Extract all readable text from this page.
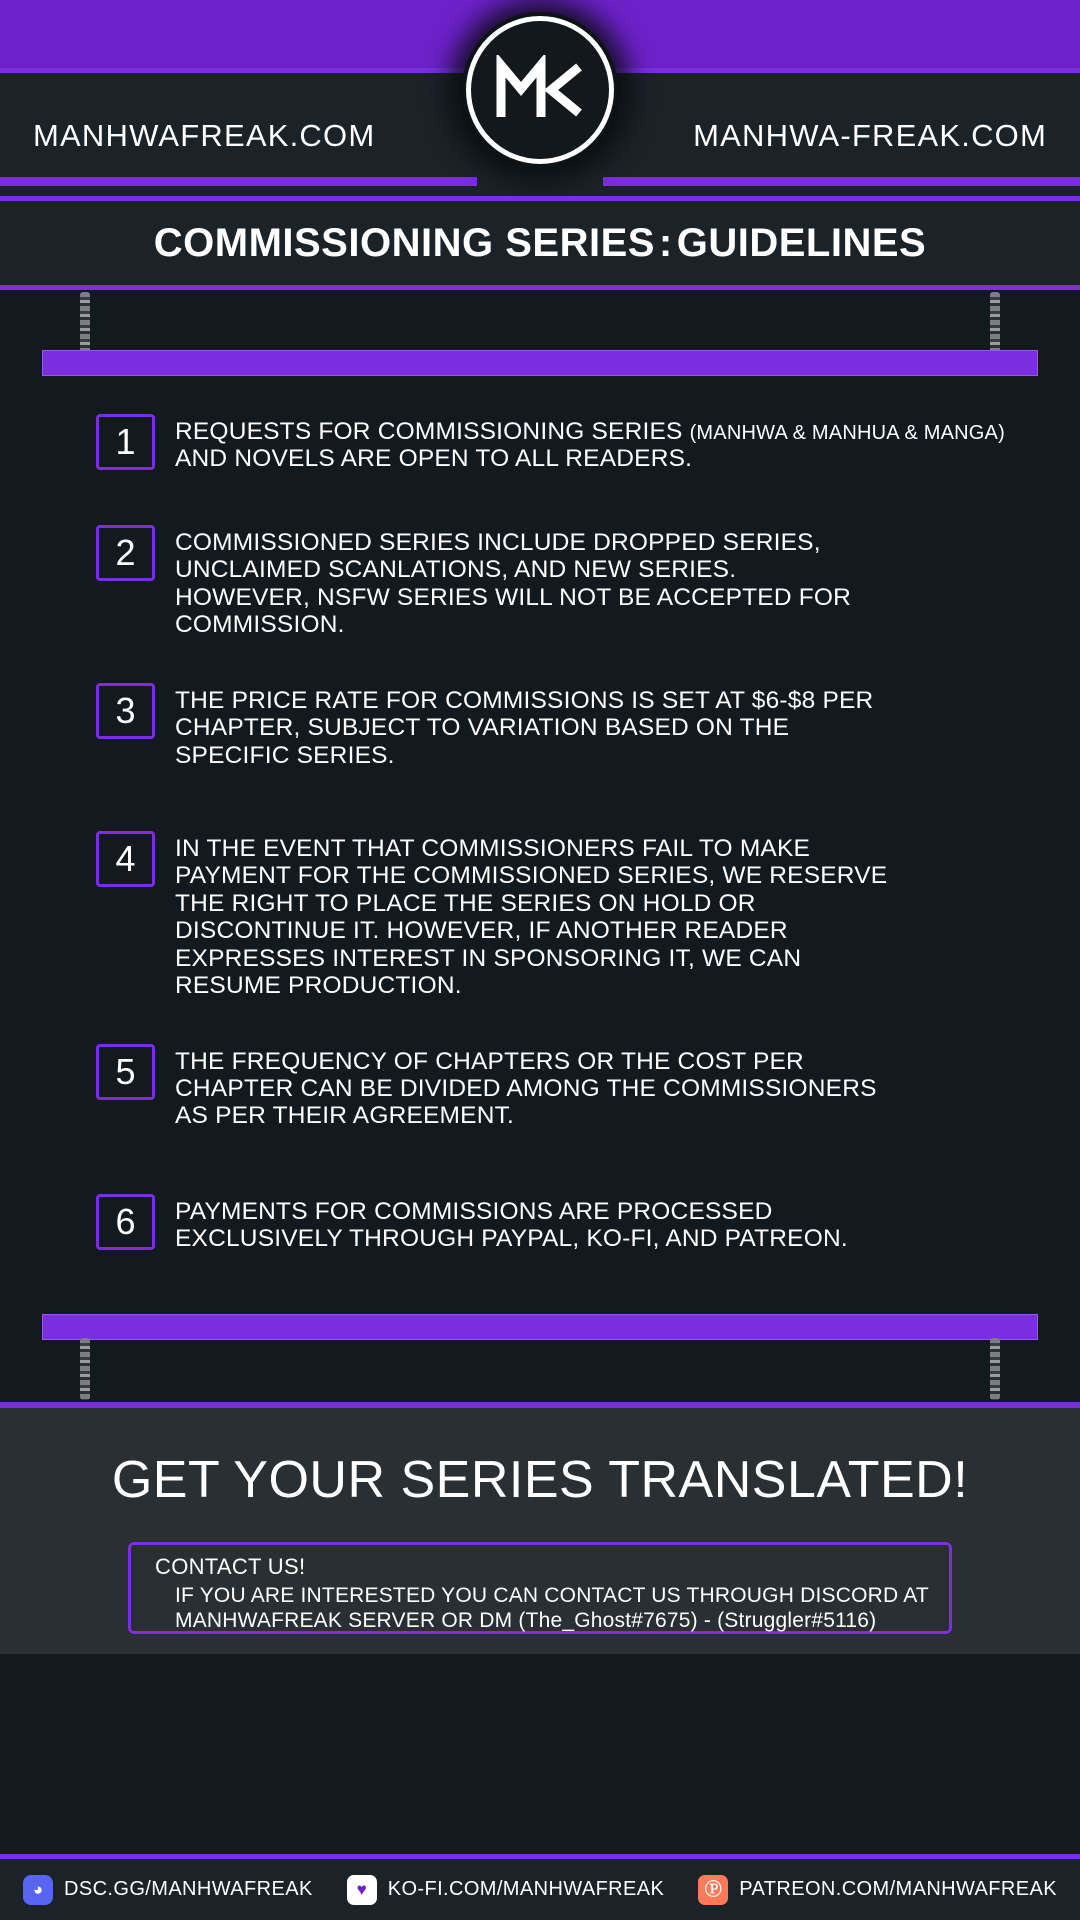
MANHWAFREAK.COM	MANHWA-FREAK.COM
COMMISSIONING SERIES : GUIDELINES
1	REQUESTS FOR COMMISSIONING SERIES (MANHWA & MANHUA & MANGA) AND NOVELS ARE OPEN TO ALL READERS.
2	COMMISSIONED SERIES INCLUDE DROPPED SERIES, UNCLAIMED SCANLATIONS, AND NEW SERIES. HOWEVER, NSFW SERIES WILL NOT BE ACCEPTED FOR COMMISSION.
3	THE PRICE RATE FOR COMMISSIONS IS SET AT $6-$8 PER CHAPTER, SUBJECT TO VARIATION BASED ON THE SPECIFIC SERIES.
4	IN THE EVENT THAT COMMISSIONERS FAIL TO MAKE PAYMENT FOR THE COMMISSIONED SERIES, WE RESERVE THE RIGHT TO PLACE THE SERIES ON HOLD OR DISCONTINUE IT. HOWEVER, IF ANOTHER READER EXPRESSES INTEREST IN SPONSORING IT, WE CAN RESUME PRODUCTION.
5	THE FREQUENCY OF CHAPTERS OR THE COST PER CHAPTER CAN BE DIVIDED AMONG THE COMMISSIONERS AS PER THEIR AGREEMENT.
6	PAYMENTS FOR COMMISSIONS ARE PROCESSED EXCLUSIVELY THROUGH PAYPAL, KO-FI, AND PATREON.
GET YOUR SERIES TRANSLATED!
CONTACT US!
IF YOU ARE INTERESTED YOU CAN CONTACT US THROUGH DISCORD AT MANHWAFREAK SERVER OR DM (The_Ghost#7675) - (Struggler#5116)
◕	DSC.GG/MANHWAFREAK	♥	KO-FI.COM/MANHWAFREAK	Ⓟ PATREON.COM/MANHWAFREAK
